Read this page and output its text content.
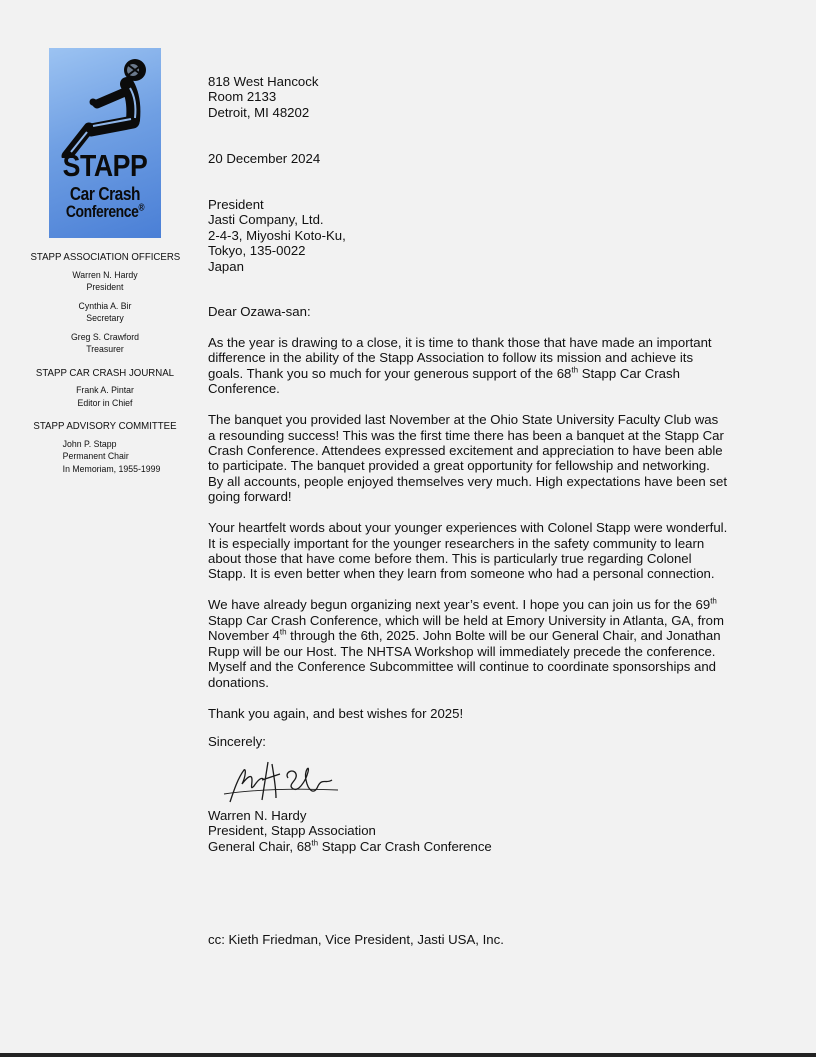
STAPP
Car Crash
Conference®
STAPP ASSOCIATION OFFICERS
Warren N. Hardy
President
Cynthia A. Bir
Secretary
Greg S. Crawford
Treasurer
STAPP CAR CRASH JOURNAL
Frank A. Pintar
Editor in Chief
STAPP ADVISORY COMMITTEE
John P. Stapp
Permanent Chair
In Memoriam, 1955-1999
818 West Hancock
Room 2133
Detroit, MI 48202
20 December 2024
President
Jasti Company, Ltd.
2-4-3, Miyoshi Koto-Ku,
Tokyo, 135-0022
Japan
Dear Ozawa-san:

As the year is drawing to a close, it is time to thank those that have made an important difference in the ability of the Stapp Association to follow its mission and achieve its goals. Thank you so much for your generous support of the 68th Stapp Car Crash Conference.

The banquet you provided last November at the Ohio State University Faculty Club was a resounding success! This was the first time there has been a banquet at the Stapp Car Crash Conference. Attendees expressed excitement and appreciation to have been able to participate. The banquet provided a great opportunity for fellowship and networking. By all accounts, people enjoyed themselves very much. High expectations have been set going forward!

Your heartfelt words about your younger experiences with Colonel Stapp were wonderful. It is especially important for the younger researchers in the safety community to learn about those that have come before them. This is particularly true regarding Colonel Stapp. It is even better when they learn from someone who had a personal connection.

We have already begun organizing next year’s event. I hope you can join us for the 69th Stapp Car Crash Conference, which will be held at Emory University in Atlanta, GA, from November 4th through the 6th, 2025. John Bolte will be our General Chair, and Jonathan Rupp will be our Host. The NHTSA Workshop will immediately precede the conference. Myself and the Conference Subcommittee will continue to coordinate sponsorships and donations.

Thank you again, and best wishes for 2025!

Sincerely:
Warren N. Hardy
President, Stapp Association
General Chair, 68th Stapp Car Crash Conference
cc: Kieth Friedman, Vice President, Jasti USA, Inc.
